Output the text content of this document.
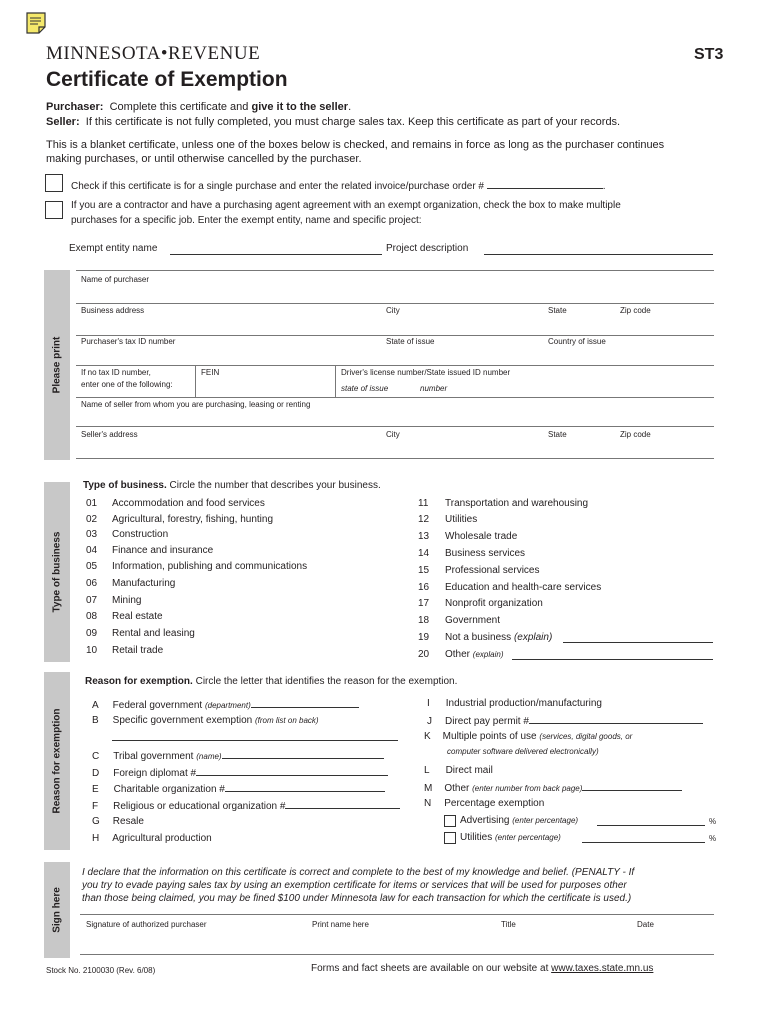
MINNESOTA•REVENUE	ST3
Certificate of Exemption
Purchaser: Complete this certificate and give it to the seller.
Seller: If this certificate is not fully completed, you must charge sales tax. Keep this certificate as part of your records.
This is a blanket certificate, unless one of the boxes below is checked, and remains in force as long as the purchaser continues
making purchases, or until otherwise cancelled by the purchaser.
Check if this certificate is for a single purchase and enter the related invoice/purchase order #	.
If you are a contractor and have a purchasing agent agreement with an exempt organization, check the box to make multiple
purchases for a specific job. Enter the exempt entity, name and specific project:
Exempt entity name	Project description
Please print
Name of purchaser
Business address	City	State	Zip code
Purchaser's tax ID number	State of issue	Country of issue
If no tax ID number,
enter one of the following:
FEIN	Driver's license number/State issued ID number
state of issue	number
Name of seller from whom you are purchasing, leasing or renting
Seller's address	City	State	Zip code
Type of business
Type of business. Circle the number that describes your business.
01 Accommodation and food services
02 Agricultural, forestry, fishing, hunting
03 Construction
04 Finance and insurance
05 Information, publishing and communications
06 Manufacturing
07 Mining
08 Real estate
09 Rental and leasing
10 Retail trade
11 Transportation and warehousing
12 Utilities
13 Wholesale trade
14 Business services
15 Professional services
16 Education and health-care services
17 Nonprofit organization
18 Government
19 Not a business (explain)
20 Other (explain)
Reason for exemption
Reason for exemption. Circle the letter that identifies the reason for the exemption.
A Federal government (department)
B Specific government exemption (from list on back)
C Tribal government (name)
D Foreign diplomat #
E Charitable organization #
F Religious or educational organization #
G Resale
H Agricultural production
I Industrial production/manufacturing
J Direct pay permit #
K Multiple points of use (services, digital goods, or
computer software delivered electronically)
L Direct mail
M Other (enter number from back page)
N Percentage exemption
Advertising (enter percentage)	%
Utilities (enter percentage)	%
Sign here
I declare that the information on this certificate is correct and complete to the best of my knowledge and belief. (PENALTY - If
you try to evade paying sales tax by using an exemption certificate for items or services that will be used for purposes other
than those being claimed, you may be fined $100 under Minnesota law for each transaction for which the certificate is used.)
Signature of authorized purchaser	Print name here	Title	Date
Stock No. 2100030 (Rev. 6/08)	Forms and fact sheets are available on our website at www.taxes.state.mn.us
